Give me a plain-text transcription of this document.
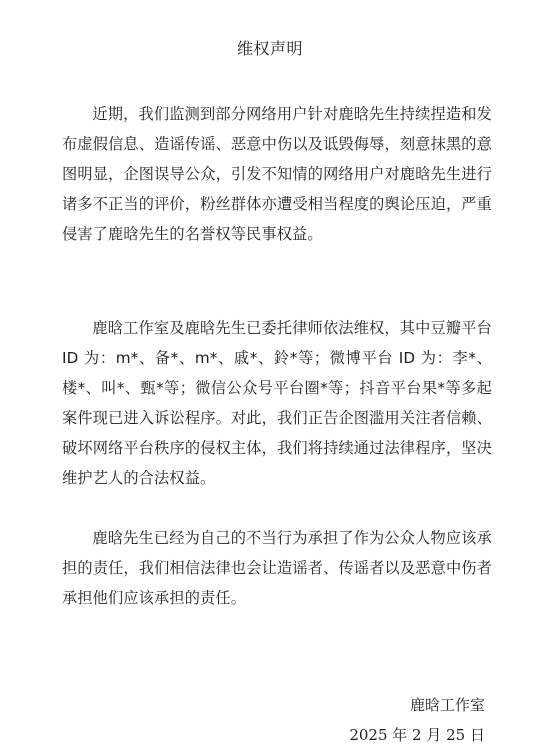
维权声明
近期，我们监测到部分网络用户针对鹿晗先生持续捏造和发布虚假信息、造谣传谣、恶意中伤以及诋毁侮辱，刻意抹黑的意图明显，企图误导公众，引发不知情的网络用户对鹿晗先生进行诸多不正当的评价，粉丝群体亦遭受相当程度的舆论压迫，严重侵害了鹿晗先生的名誉权等民事权益。
鹿晗工作室及鹿晗先生已委托律师依法维权，其中豆瓣平台 ID 为：m*、备*、m*、戚*、鈴*等；微博平台 ID 为：李*、楼*、叫*、甄*等；微信公众号平台圈*等；抖音平台果*等多起案件现已进入诉讼程序。对此，我们正告企图滥用关注者信赖、破坏网络平台秩序的侵权主体，我们将持续通过法律程序，坚决维护艺人的合法权益。
鹿晗先生已经为自己的不当行为承担了作为公众人物应该承担的责任，我们相信法律也会让造谣者、传谣者以及恶意中伤者承担他们应该承担的责任。
鹿晗工作室
2025 年 2 月 25 日
